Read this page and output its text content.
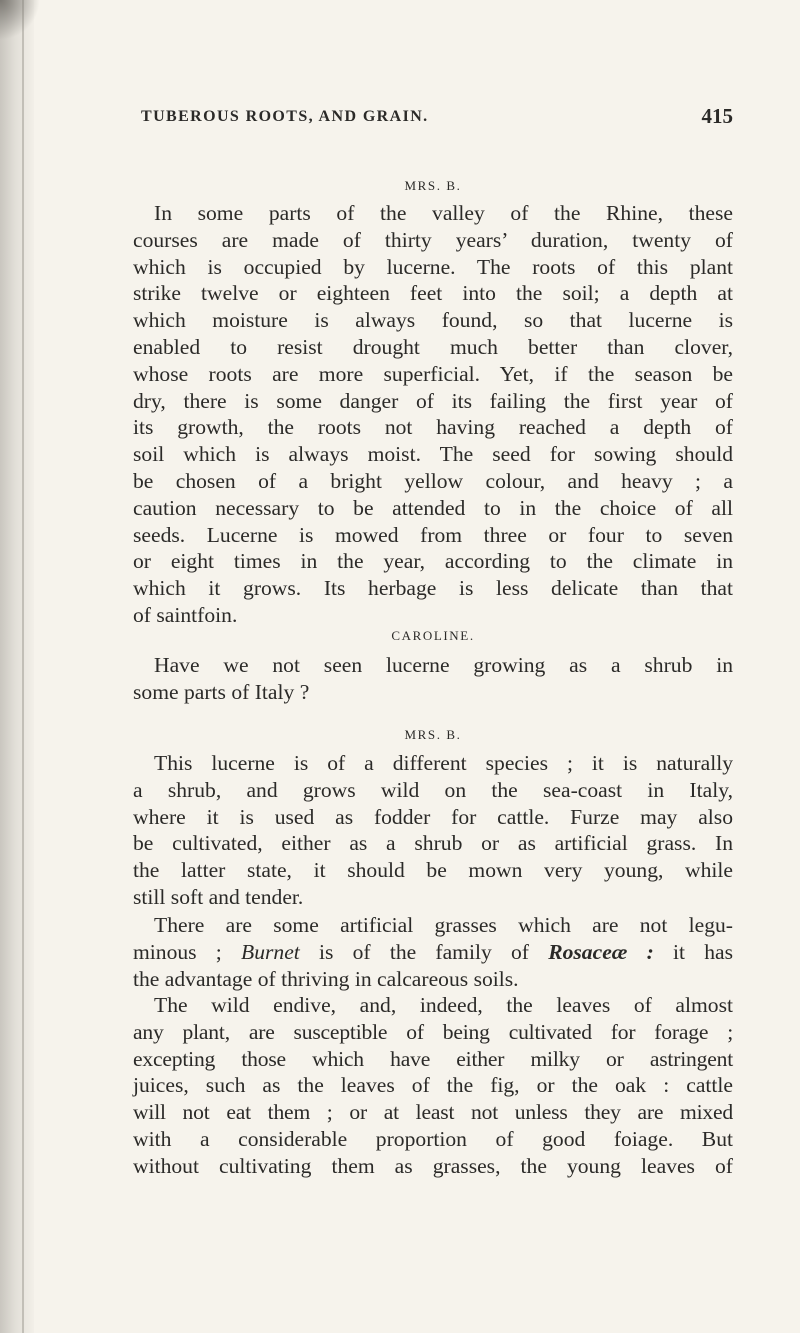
TUBEROUS ROOTS, AND GRAIN.	415
MRS. B.
In some parts of the valley of the Rhine, these
courses are made of thirty years’ duration, twenty of
which is occupied by lucerne. The roots of this plant
strike twelve or eighteen feet into the soil; a depth at
which moisture is always found, so that lucerne is
enabled to resist drought much better than clover,
whose roots are more superficial. Yet, if the season be
dry, there is some danger of its failing the first year of
its growth, the roots not having reached a depth of
soil which is always moist. The seed for sowing should
be chosen of a bright yellow colour, and heavy ; a
caution necessary to be attended to in the choice of all
seeds. Lucerne is mowed from three or four to seven
or eight times in the year, according to the climate in
which it grows. Its herbage is less delicate than that
of saintfoin.
CAROLINE.
Have we not seen lucerne growing as a shrub in
some parts of Italy ?
MRS. B.
This lucerne is of a different species ; it is naturally
a shrub, and grows wild on the sea-coast in Italy,
where it is used as fodder for cattle. Furze may also
be cultivated, either as a shrub or as artificial grass. In
the latter state, it should be mown very young, while
still soft and tender.
There are some artificial grasses which are not legu-
minous ; Burnet is of the family of Rosaceæ : it has
the advantage of thriving in calcareous soils.
The wild endive, and, indeed, the leaves of almost
any plant, are susceptible of being cultivated for forage ;
excepting those which have either milky or astringent
juices, such as the leaves of the fig, or the oak : cattle
will not eat them ; or at least not unless they are mixed
with a considerable proportion of good foiage. But
without cultivating them as grasses, the young leaves of
